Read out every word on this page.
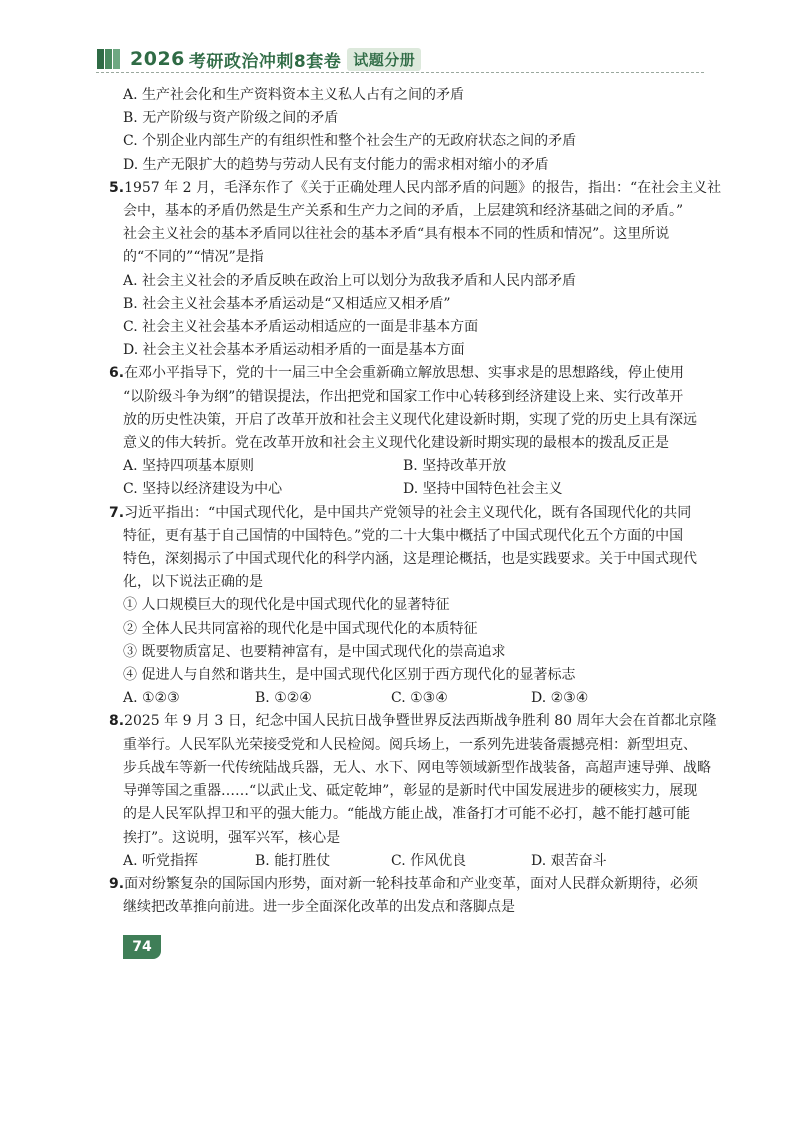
2026 考研政治冲刺8套卷 试题分册
A. 生产社会化和生产资料资本主义私人占有之间的矛盾
B. 无产阶级与资产阶级之间的矛盾
C. 个别企业内部生产的有组织性和整个社会生产的无政府状态之间的矛盾
D. 生产无限扩大的趋势与劳动人民有支付能力的需求相对缩小的矛盾
5.1957 年 2 月，毛泽东作了《关于正确处理人民内部矛盾的问题》的报告，指出：“在社会主义社
会中，基本的矛盾仍然是生产关系和生产力之间的矛盾，上层建筑和经济基础之间的矛盾。”
社会主义社会的基本矛盾同以往社会的基本矛盾“具有根本不同的性质和情况”。这里所说
的“不同的”“情况”是指
A. 社会主义社会的矛盾反映在政治上可以划分为敌我矛盾和人民内部矛盾
B. 社会主义社会基本矛盾运动是“又相适应又相矛盾”
C. 社会主义社会基本矛盾运动相适应的一面是非基本方面
D. 社会主义社会基本矛盾运动相矛盾的一面是基本方面
6.在邓小平指导下，党的十一届三中全会重新确立解放思想、实事求是的思想路线，停止使用
“以阶级斗争为纲”的错误提法，作出把党和国家工作中心转移到经济建设上来、实行改革开
放的历史性决策，开启了改革开放和社会主义现代化建设新时期，实现了党的历史上具有深远
意义的伟大转折。党在改革开放和社会主义现代化建设新时期实现的最根本的拨乱反正是
A. 坚持四项基本原则	B. 坚持改革开放
C. 坚持以经济建设为中心	D. 坚持中国特色社会主义
7.习近平指出：“中国式现代化，是中国共产党领导的社会主义现代化，既有各国现代化的共同
特征，更有基于自己国情的中国特色。”党的二十大集中概括了中国式现代化五个方面的中国
特色，深刻揭示了中国式现代化的科学内涵，这是理论概括，也是实践要求。关于中国式现代
化，以下说法正确的是
① 人口规模巨大的现代化是中国式现代化的显著特征
② 全体人民共同富裕的现代化是中国式现代化的本质特征
③ 既要物质富足、也要精神富有，是中国式现代化的崇高追求
④ 促进人与自然和谐共生，是中国式现代化区别于西方现代化的显著标志
A. ①②③	B. ①②④	C. ①③④	D. ②③④
8.2025 年 9 月 3 日，纪念中国人民抗日战争暨世界反法西斯战争胜利 80 周年大会在首都北京隆
重举行。人民军队光荣接受党和人民检阅。阅兵场上，一系列先进装备震撼亮相：新型坦克、
步兵战车等新一代传统陆战兵器，无人、水下、网电等领域新型作战装备，高超声速导弹、战略
导弹等国之重器……“以武止戈、砥定乾坤”，彰显的是新时代中国发展进步的硬核实力，展现
的是人民军队捍卫和平的强大能力。“能战方能止战，准备打才可能不必打，越不能打越可能
挨打”。这说明，强军兴军，核心是
A. 听党指挥	B. 能打胜仗	C. 作风优良	D. 艰苦奋斗
9.面对纷繁复杂的国际国内形势，面对新一轮科技革命和产业变革，面对人民群众新期待，必须
继续把改革推向前进。进一步全面深化改革的出发点和落脚点是
74
